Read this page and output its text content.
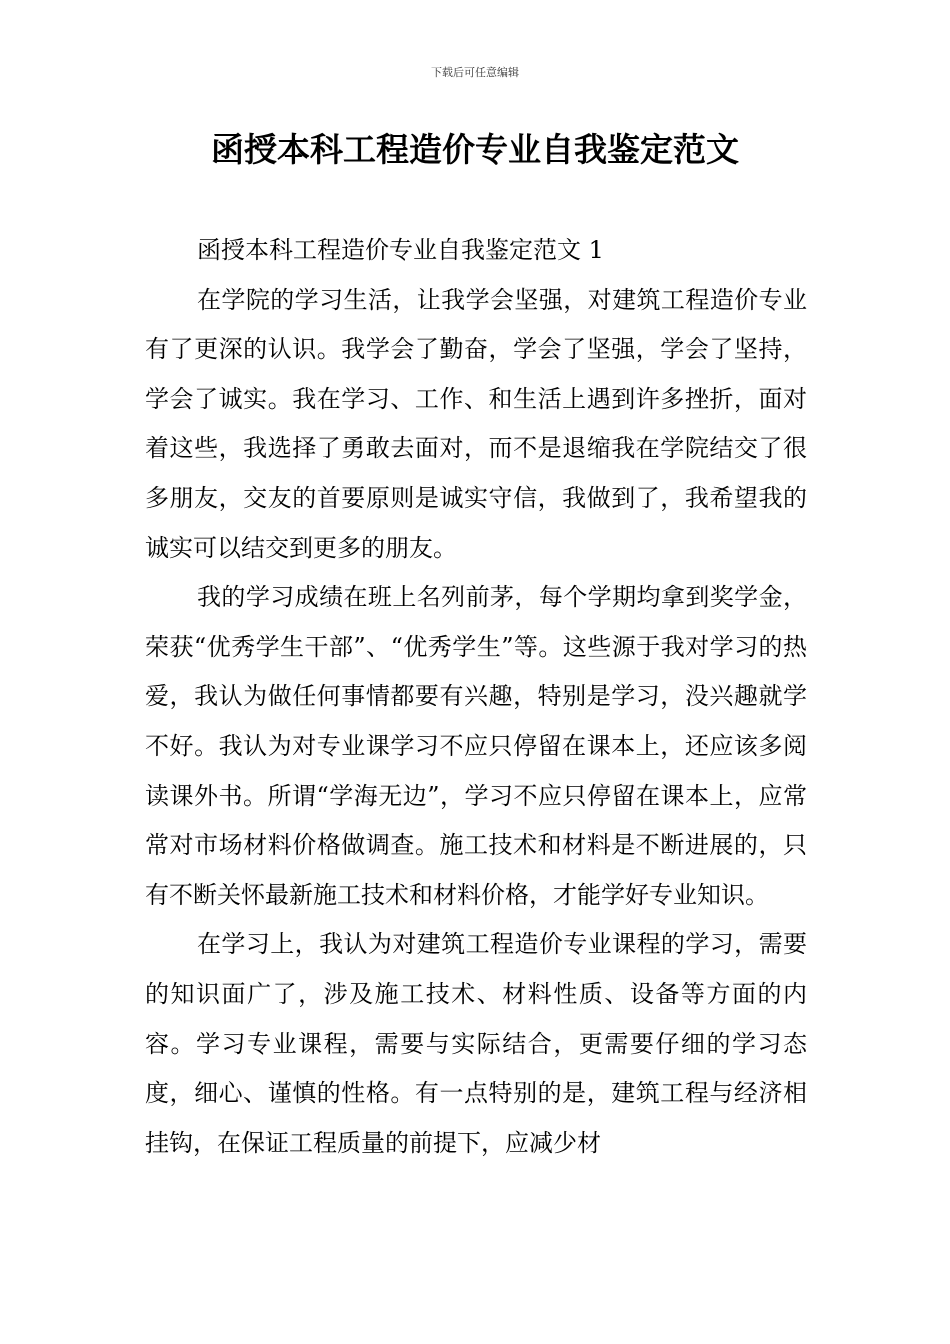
下载后可任意编辑
函授本科工程造价专业自我鉴定范文

函授本科工程造价专业自我鉴定范文 1

在学院的学习生活，让我学会坚强，对建筑工程造价专业有了更深的认识。我学会了勤奋，学会了坚强，学会了坚持，学会了诚实。我在学习、工作、和生活上遇到许多挫折，面对着这些，我选择了勇敢去面对，而不是退缩我在学院结交了很多朋友，交友的首要原则是诚实守信，我做到了，我希望我的诚实可以结交到更多的朋友。

我的学习成绩在班上名列前茅，每个学期均拿到奖学金，荣获“优秀学生干部”、“优秀学生”等。这些源于我对学习的热爱，我认为做任何事情都要有兴趣，特别是学习，没兴趣就学不好。我认为对专业课学习不应只停留在课本上，还应该多阅读课外书。所谓“学海无边”，学习不应只停留在课本上，应常常对市场材料价格做调查。施工技术和材料是不断进展的，只有不断关怀最新施工技术和材料价格，才能学好专业知识。

在学习上，我认为对建筑工程造价专业课程的学习，需要的知识面广了，涉及施工技术、材料性质、设备等方面的内容。学习专业课程，需要与实际结合，更需要仔细的学习态度，细心、谨慎的性格。有一点特别的是，建筑工程与经济相挂钩，在保证工程质量的前提下，应减少材
